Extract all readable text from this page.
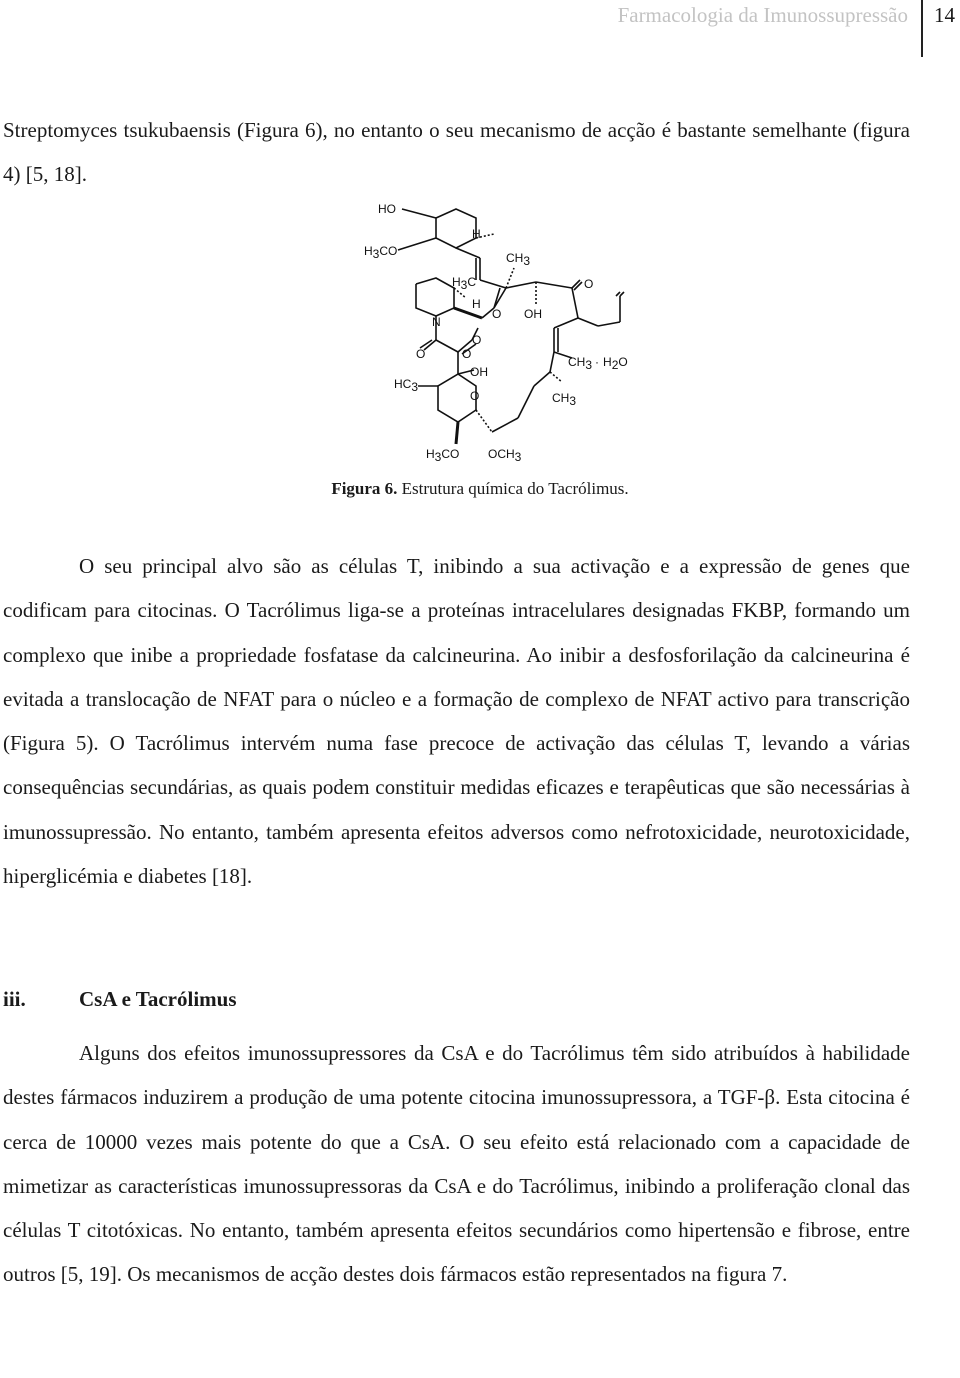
Farmacologia da Imunossupressão 14

Streptomyces tsukubaensis (Figura 6), no entanto o seu mecanismo de acção é bastante semelhante (figura 4) [5, 18].

HO
H3CO
H
CH3
H3C	O
H
O OH
N
O
O	O
CH3 · H2O
HC3
OH
O	CH3
H3CO OCH3
Figura 6. Estrutura química do Tacrólimus.

O seu principal alvo são as células T, inibindo a sua activação e a expressão de genes que codificam para citocinas. O Tacrólimus liga-se a proteínas intracelulares designadas FKBP, formando um complexo que inibe a propriedade fosfatase da calcineurina. Ao inibir a desfosforilação da calcineurina é evitada a translocação de NFAT para o núcleo e a formação de complexo de NFAT activo para transcrição (Figura 5). O Tacrólimus intervém numa fase precoce de activação das células T, levando a várias consequências secundárias, as quais podem constituir medidas eficazes e terapêuticas que são necessárias à imunossupressão. No entanto, também apresenta efeitos adversos como nefrotoxicidade, neurotoxicidade, hiperglicémia e diabetes [18].

iii.	CsA e Tacrólimus

Alguns dos efeitos imunossupressores da CsA e do Tacrólimus têm sido atribuídos à habilidade destes fármacos induzirem a produção de uma potente citocina imunossupressora, a TGF-β. Esta citocina é cerca de 10000 vezes mais potente do que a CsA. O seu efeito está relacionado com a capacidade de mimetizar as características imunossupressoras da CsA e do Tacrólimus, inibindo a proliferação clonal das células T citotóxicas. No entanto, também apresenta efeitos secundários como hipertensão e fibrose, entre outros [5, 19]. Os mecanismos de acção destes dois fármacos estão representados na figura 7.
